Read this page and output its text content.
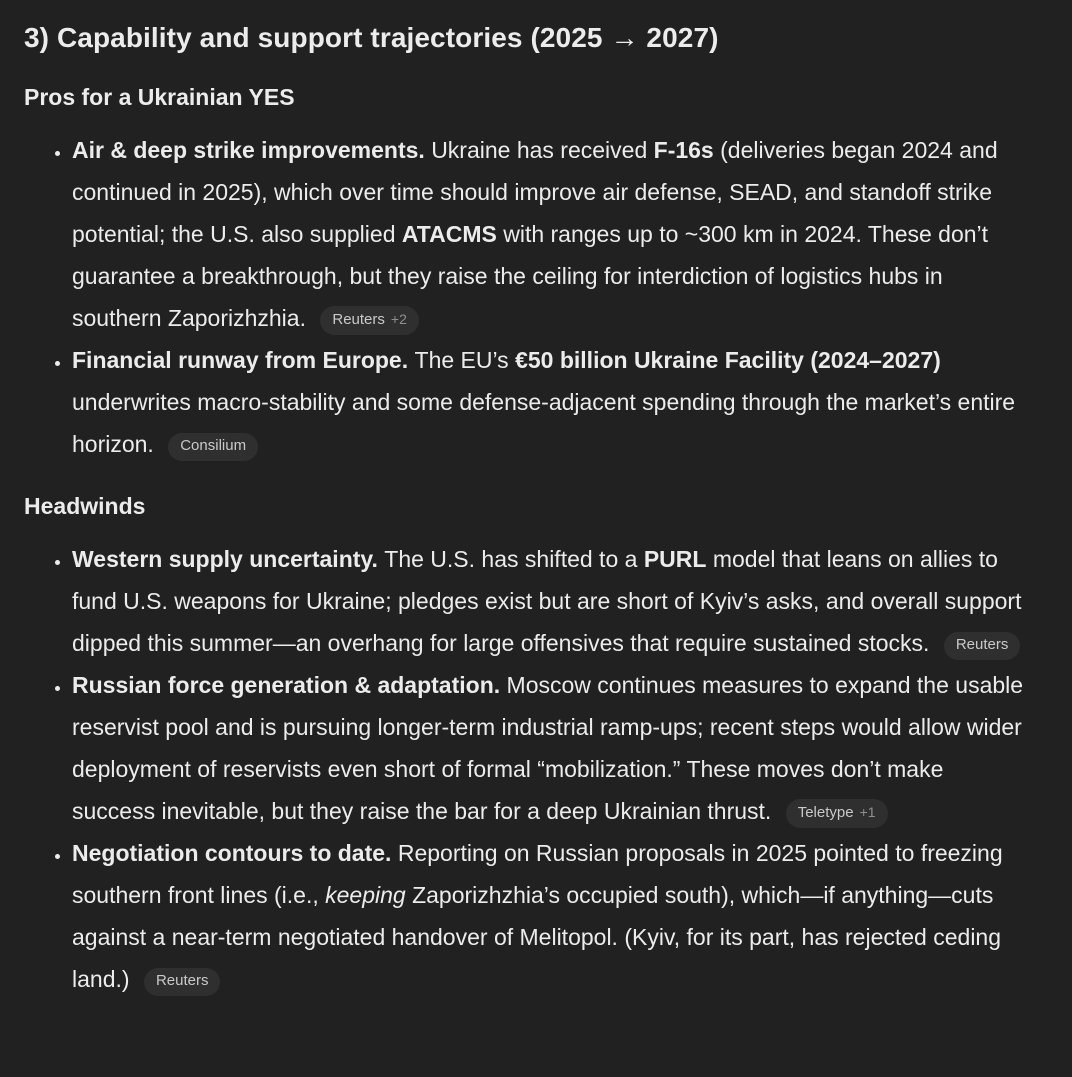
3) Capability and support trajectories (2025 → 2027)
Pros for a Ukrainian YES
• Air & deep strike improvements. Ukraine has received F-16s (deliveries began 2024 and continued in 2025), which over time should improve air defense, SEAD, and standoff strike potential; the U.S. also supplied ATACMS with ranges up to ~300 km in 2024. These don’t guarantee a breakthrough, but they raise the ceiling for interdiction of logistics hubs in southern Zaporizhzhia. Reuters +2
• Financial runway from Europe. The EU’s €50 billion Ukraine Facility (2024–2027) underwrites macro-stability and some defense-adjacent spending through the market’s entire horizon. Consilium
Headwinds
• Western supply uncertainty. The U.S. has shifted to a PURL model that leans on allies to fund U.S. weapons for Ukraine; pledges exist but are short of Kyiv’s asks, and overall support dipped this summer—an overhang for large offensives that require sustained stocks. Reuters
• Russian force generation & adaptation. Moscow continues measures to expand the usable reservist pool and is pursuing longer-term industrial ramp-ups; recent steps would allow wider deployment of reservists even short of formal “mobilization.” These moves don’t make success inevitable, but they raise the bar for a deep Ukrainian thrust. Teletype +1
• Negotiation contours to date. Reporting on Russian proposals in 2025 pointed to freezing southern front lines (i.e., keeping Zaporizhzhia’s occupied south), which—if anything—cuts against a near-term negotiated handover of Melitopol. (Kyiv, for its part, has rejected ceding land.) Reuters
